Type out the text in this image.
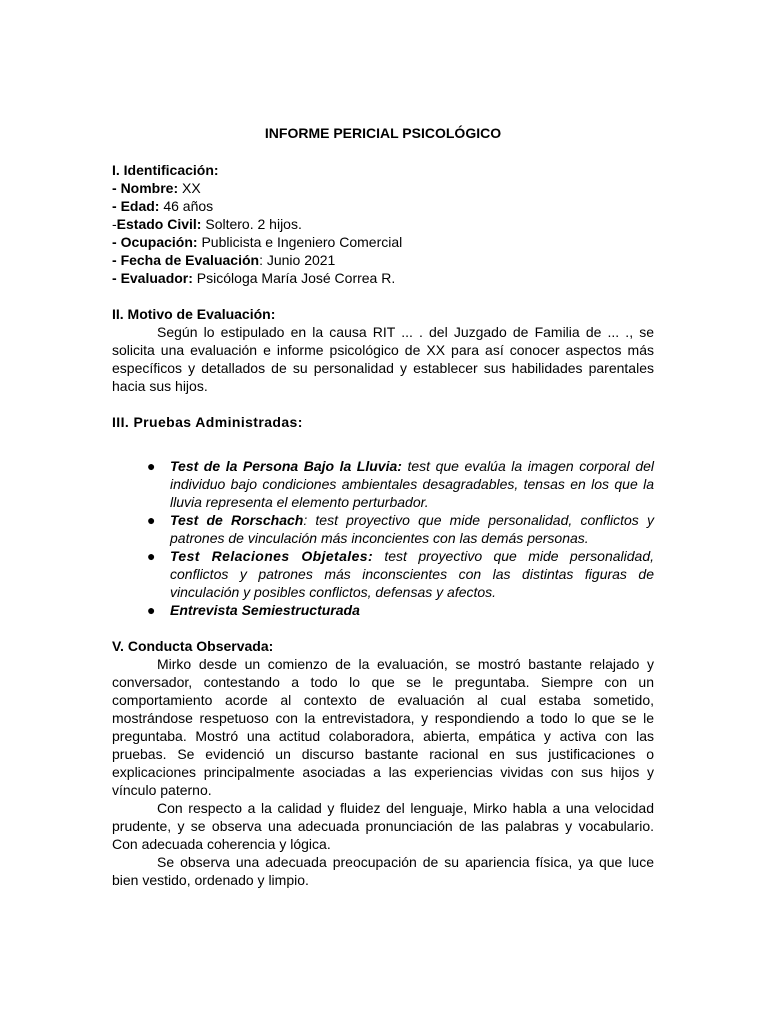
INFORME PERICIAL PSICOLÓGICO

I. Identificación:

- Nombre: XX

- Edad: 46 años

-Estado Civil: Soltero. 2 hijos.

- Ocupación: Publicista e Ingeniero Comercial

- Fecha de Evaluación: Junio 2021

- Evaluador: Psicóloga María José Correa R.

II. Motivo de Evaluación:

Según lo estipulado en la causa RIT ... . del Juzgado de Familia de ... ., se solicita una evaluación e informe psicológico de XX para así conocer aspectos más específicos y detallados de su personalidad y establecer sus habilidades parentales hacia sus hijos.

III. Pruebas Administradas:

● Test de la Persona Bajo la Lluvia: test que evalúa la imagen corporal del individuo bajo condiciones ambientales desagradables, tensas en los que la lluvia representa el elemento perturbador.
● Test de Rorschach: test proyectivo que mide personalidad, conflictos y patrones de vinculación más inconcientes con las demás personas.
● Test Relaciones Objetales: test proyectivo que mide personalidad, conflictos y patrones más inconscientes con las distintas figuras de vinculación y posibles conflictos, defensas y afectos.
● Entrevista Semiestructurada

V. Conducta Observada:

Mirko desde un comienzo de la evaluación, se mostró bastante relajado y conversador, contestando a todo lo que se le preguntaba. Siempre con un comportamiento acorde al contexto de evaluación al cual estaba sometido, mostrándose respetuoso con la entrevistadora, y respondiendo a todo lo que se le preguntaba. Mostró una actitud colaboradora, abierta, empática y activa con las pruebas. Se evidenció un discurso bastante racional en sus justificaciones o explicaciones principalmente asociadas a las experiencias vividas con sus hijos y vínculo paterno.

Con respecto a la calidad y fluidez del lenguaje, Mirko habla a una velocidad prudente, y se observa una adecuada pronunciación de las palabras y vocabulario. Con adecuada coherencia y lógica.

Se observa una adecuada preocupación de su apariencia física, ya que luce bien vestido, ordenado y limpio.
